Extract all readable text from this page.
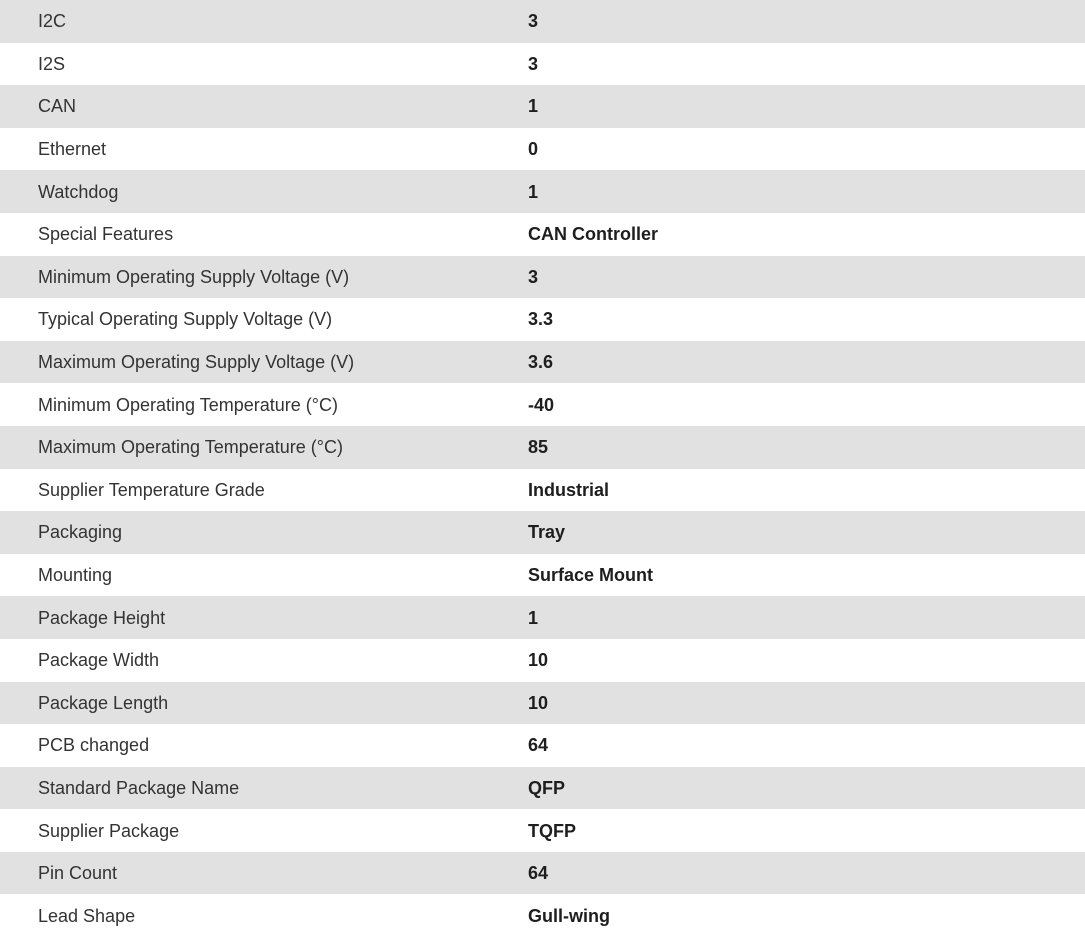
I2C	3
I2S	3
CAN	1
Ethernet	0
Watchdog	1
Special Features	CAN Controller
Minimum Operating Supply Voltage (V)	3
Typical Operating Supply Voltage (V)	3.3
Maximum Operating Supply Voltage (V)	3.6
Minimum Operating Temperature (°C)	-40
Maximum Operating Temperature (°C)	85
Supplier Temperature Grade	Industrial
Packaging	Tray
Mounting	Surface Mount
Package Height	1
Package Width	10
Package Length	10
PCB changed	64
Standard Package Name	QFP
Supplier Package	TQFP
Pin Count	64
Lead Shape	Gull-wing
